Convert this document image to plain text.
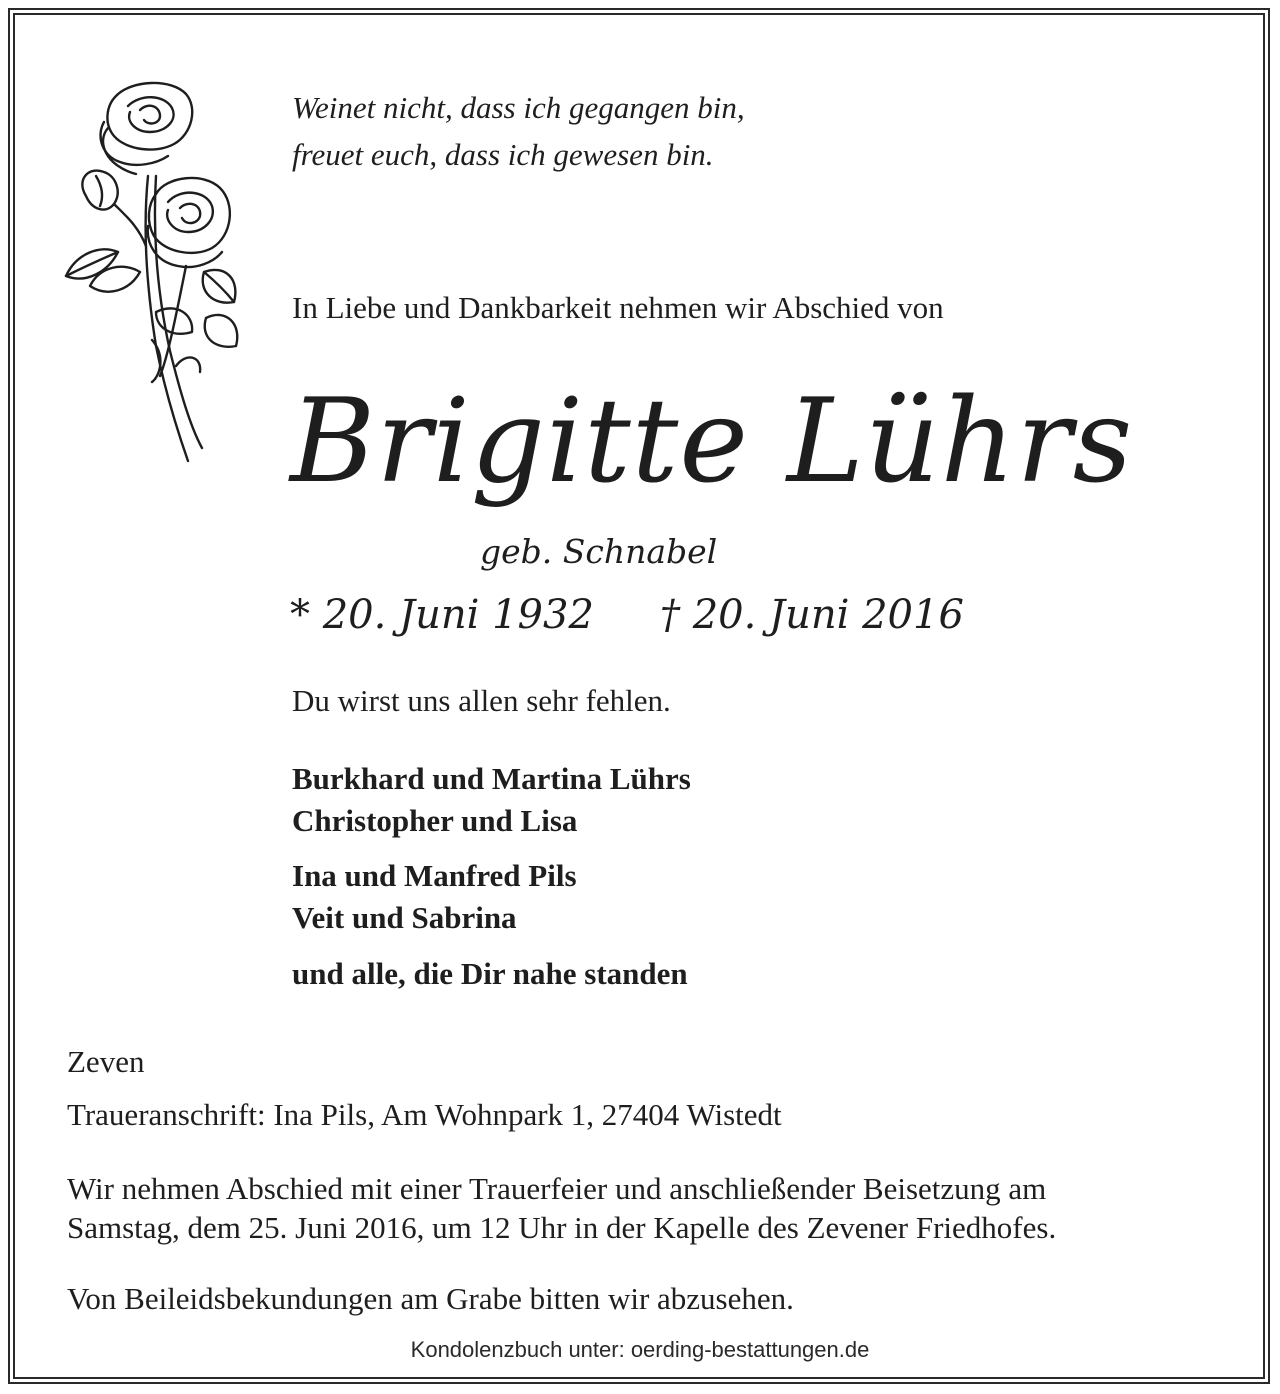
Weinet nicht, dass ich gegangen bin,
freuet euch, dass ich gewesen bin.
In Liebe und Dankbarkeit nehmen wir Abschied von
Brigitte Lührs
geb. Schnabel
* 20. Juni 1932 † 20. Juni 2016
Du wirst uns allen sehr fehlen.
Burkhard und Martina Lührs
Christopher und Lisa
Ina und Manfred Pils
Veit und Sabrina
und alle, die Dir nahe standen
Zeven
Traueranschrift: Ina Pils, Am Wohnpark 1, 27404 Wistedt
Wir nehmen Abschied mit einer Trauerfeier und anschließender Beisetzung am
Samstag, dem 25. Juni 2016, um 12 Uhr in der Kapelle des Zevener Friedhofes.
Von Beileidsbekundungen am Grabe bitten wir abzusehen.
Kondolenzbuch unter: oerding-bestattungen.de
